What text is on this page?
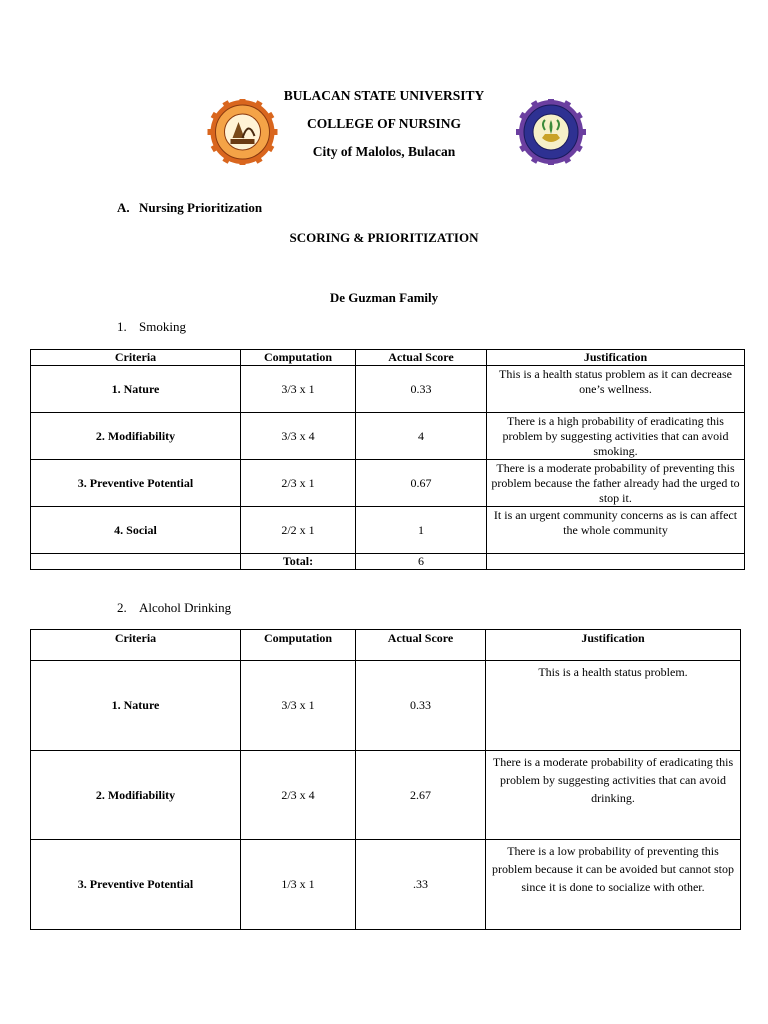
BULACAN STATE UNIVERSITY
COLLEGE OF NURSING
City of Malolos, Bulacan
A. Nursing Prioritization
SCORING & PRIORITIZATION
De Guzman Family
1. Smoking
Criteria	Computation	Actual Score	Justification
1. Nature	3/3 x 1	0.33	This is a health status problem as it can decrease one’s wellness.
2. Modifiability	3/3 x 4	4	There is a high probability of eradicating this problem by suggesting activities that can avoid smoking.
3. Preventive Potential	2/3 x 1	0.67	There is a moderate probability of preventing this problem because the father already had the urged to stop it.
4. Social	2/2 x 1	1	It is an urgent community concerns as is can affect the whole community
	Total:	6	
2. Alcohol Drinking
Criteria	Computation	Actual Score	Justification
1. Nature	3/3 x 1	0.33	This is a health status problem.
2. Modifiability	2/3 x 4	2.67	There is a moderate probability of eradicating this problem by suggesting activities that can avoid drinking.
3. Preventive Potential	1/3 x 1	.33	There is a low probability of preventing this problem because it can be avoided but cannot stop since it is done to socialize with other.
